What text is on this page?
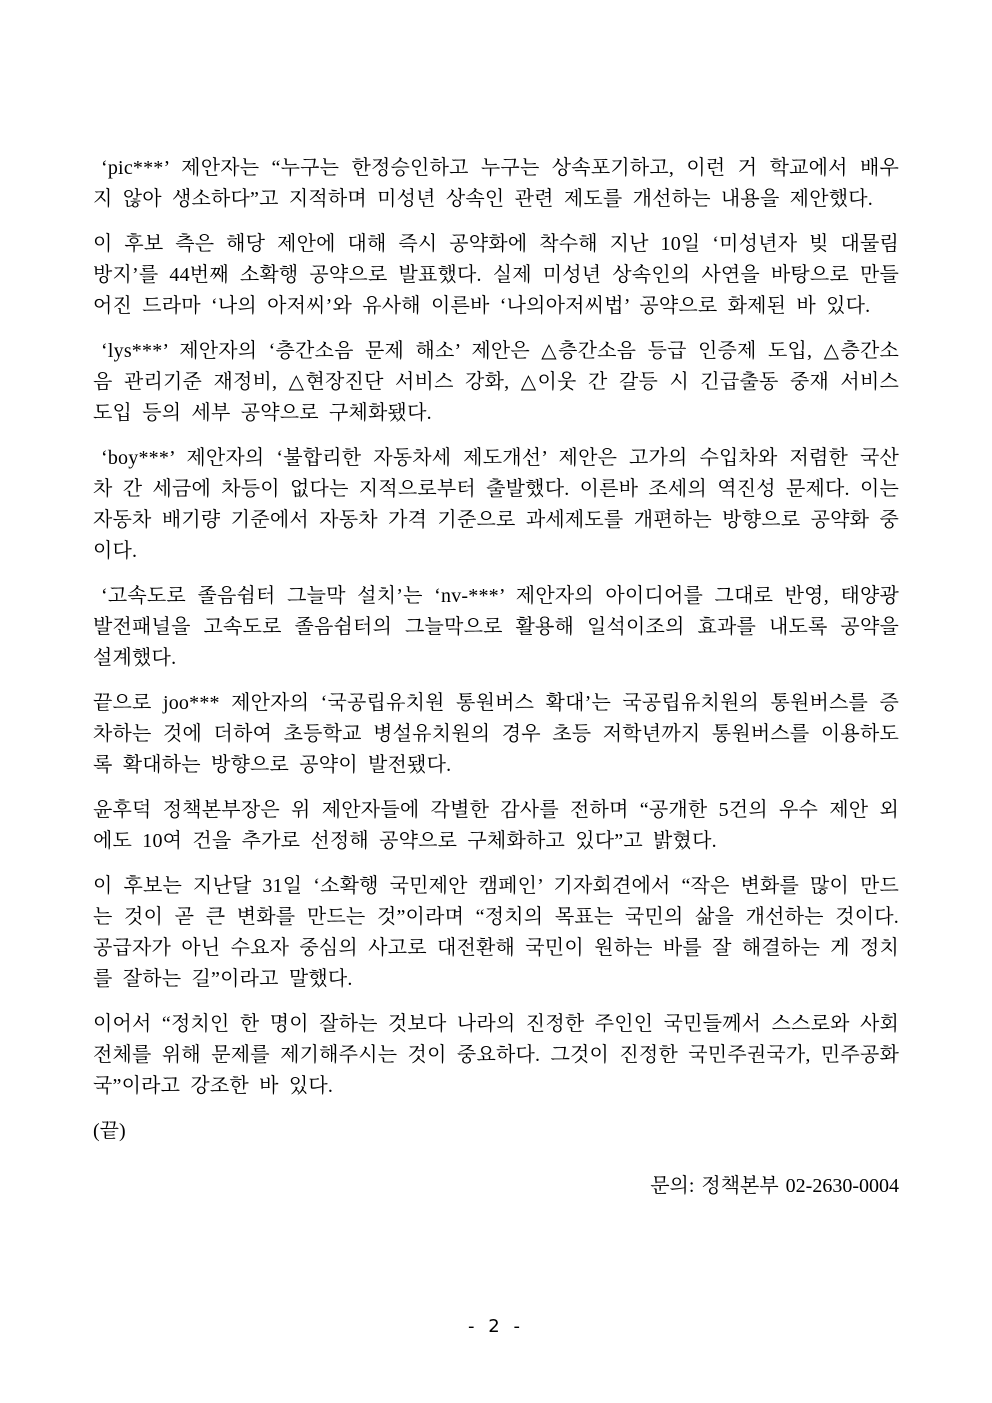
‘pic***’ 제안자는 “누구는 한정승인하고 누구는 상속포기하고, 이런 거 학교에서 배우지 않아 생소하다”고 지적하며 미성년 상속인 관련 제도를 개선하는 내용을 제안했다.

이 후보 측은 해당 제안에 대해 즉시 공약화에 착수해 지난 10일 ‘미성년자 빚 대물림 방지’를 44번째 소확행 공약으로 발표했다. 실제 미성년 상속인의 사연을 바탕으로 만들어진 드라마 ‘나의 아저씨’와 유사해 이른바 ‘나의아저씨법’ 공약으로 화제된 바 있다.

‘lys***’ 제안자의 ‘층간소음 문제 해소’ 제안은 △층간소음 등급 인증제 도입, △층간소음 관리기준 재정비, △현장진단 서비스 강화, △이웃 간 갈등 시 긴급출동 중재 서비스 도입 등의 세부 공약으로 구체화됐다.

‘boy***’ 제안자의 ‘불합리한 자동차세 제도개선’ 제안은 고가의 수입차와 저렴한 국산차 간 세금에 차등이 없다는 지적으로부터 출발했다. 이른바 조세의 역진성 문제다. 이는 자동차 배기량 기준에서 자동차 가격 기준으로 과세제도를 개편하는 방향으로 공약화 중이다.

‘고속도로 졸음쉼터 그늘막 설치’는 ‘nv-***’ 제안자의 아이디어를 그대로 반영, 태양광 발전패널을 고속도로 졸음쉼터의 그늘막으로 활용해 일석이조의 효과를 내도록 공약을 설계했다.

끝으로 joo*** 제안자의 ‘국공립유치원 통원버스 확대’는 국공립유치원의 통원버스를 증차하는 것에 더하여 초등학교 병설유치원의 경우 초등 저학년까지 통원버스를 이용하도록 확대하는 방향으로 공약이 발전됐다.

윤후덕 정책본부장은 위 제안자들에 각별한 감사를 전하며 “공개한 5건의 우수 제안 외에도 10여 건을 추가로 선정해 공약으로 구체화하고 있다”고 밝혔다.

이 후보는 지난달 31일 ‘소확행 국민제안 캠페인’ 기자회견에서 “작은 변화를 많이 만드는 것이 곧 큰 변화를 만드는 것”이라며 “정치의 목표는 국민의 삶을 개선하는 것이다. 공급자가 아닌 수요자 중심의 사고로 대전환해 국민이 원하는 바를 잘 해결하는 게 정치를 잘하는 길”이라고 말했다.

이어서 “정치인 한 명이 잘하는 것보다 나라의 진정한 주인인 국민들께서 스스로와 사회 전체를 위해 문제를 제기해주시는 것이 중요하다. 그것이 진정한 국민주권국가, 민주공화국”이라고 강조한 바 있다.

(끝)

문의: 정책본부 02-2630-0004

- 2 -
